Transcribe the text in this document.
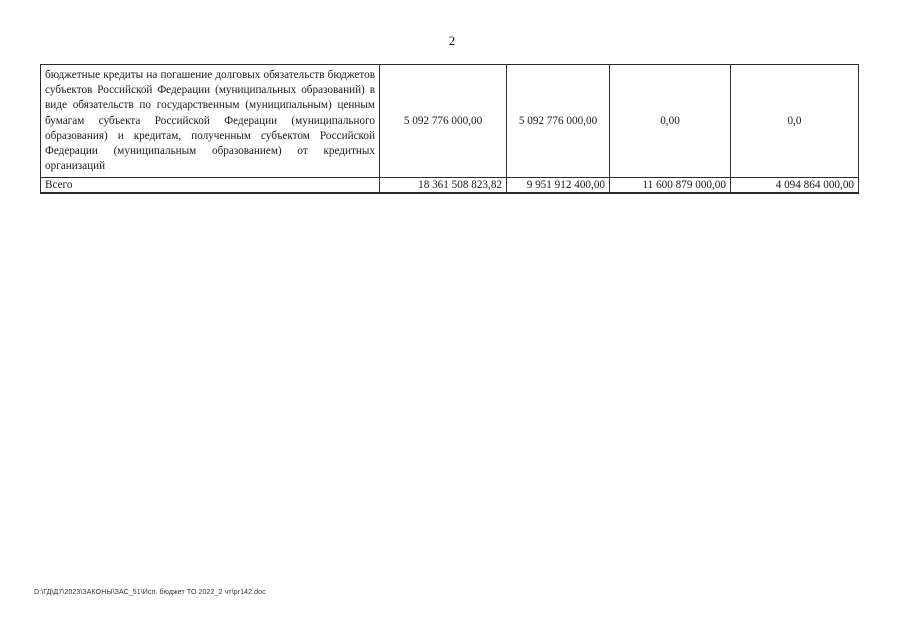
2
бюджетные кредиты на погашение долговых обязательств бюджетов субъектов Российской Федерации (муниципальных образований) в виде обязательств по государственным (муниципальным) ценным бумагам субъекта Российской Федерации (муниципального образования) и кредитам, полученным субъектом Российской Федерации (муниципальным образованием) от кредитных организаций	5 092 776 000,00	5 092 776 000,00	0,00	0,0
Всего	18 361 508 823,82	9 951 912 400,00	11 600 879 000,00	4 094 864 000,00
D:\ГД\Д7\2023\ЗАКОНЫ\ЗАС_51\Исп. бюджет ТО 2022_2 чт\pr142.doc
